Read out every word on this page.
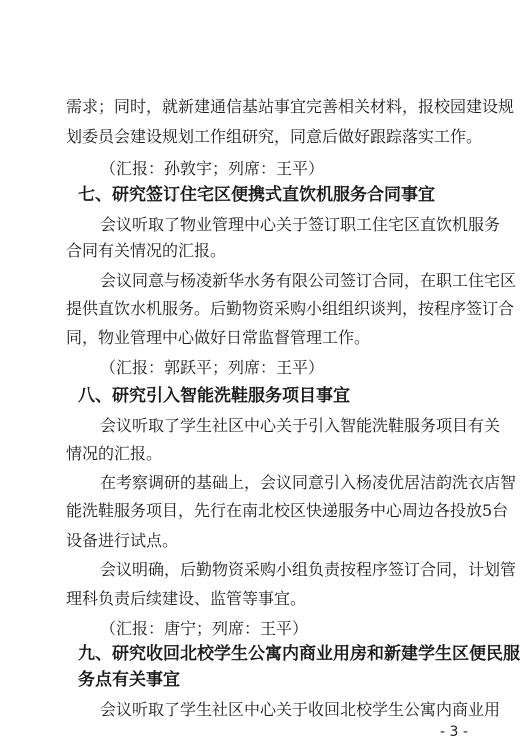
需求；同时，就新建通信基站事宜完善相关材料，报校园建设规
划委员会建设规划工作组研究，同意后做好跟踪落实工作。
（汇报：孙敦宇；列席：王平）
七、研究签订住宅区便携式直饮机服务合同事宜
会议听取了物业管理中心关于签订职工住宅区直饮机服务
合同有关情况的汇报。
会议同意与杨凌新华水务有限公司签订合同，在职工住宅区
提供直饮水机服务。后勤物资采购小组组织谈判，按程序签订合
同，物业管理中心做好日常监督管理工作。
（汇报：郭跃平；列席：王平）
八、研究引入智能洗鞋服务项目事宜
会议听取了学生社区中心关于引入智能洗鞋服务项目有关
情况的汇报。
在考察调研的基础上，会议同意引入杨凌优居洁韵洗衣店智
能洗鞋服务项目，先行在南北校区快递服务中心周边各投放5台
设备进行试点。
会议明确，后勤物资采购小组负责按程序签订合同，计划管
理科负责后续建设、监管等事宜。
（汇报：唐宁；列席：王平）
九、研究收回北校学生公寓内商业用房和新建学生区便民服
务点有关事宜
会议听取了学生社区中心关于收回北校学生公寓内商业用
- 3 -
